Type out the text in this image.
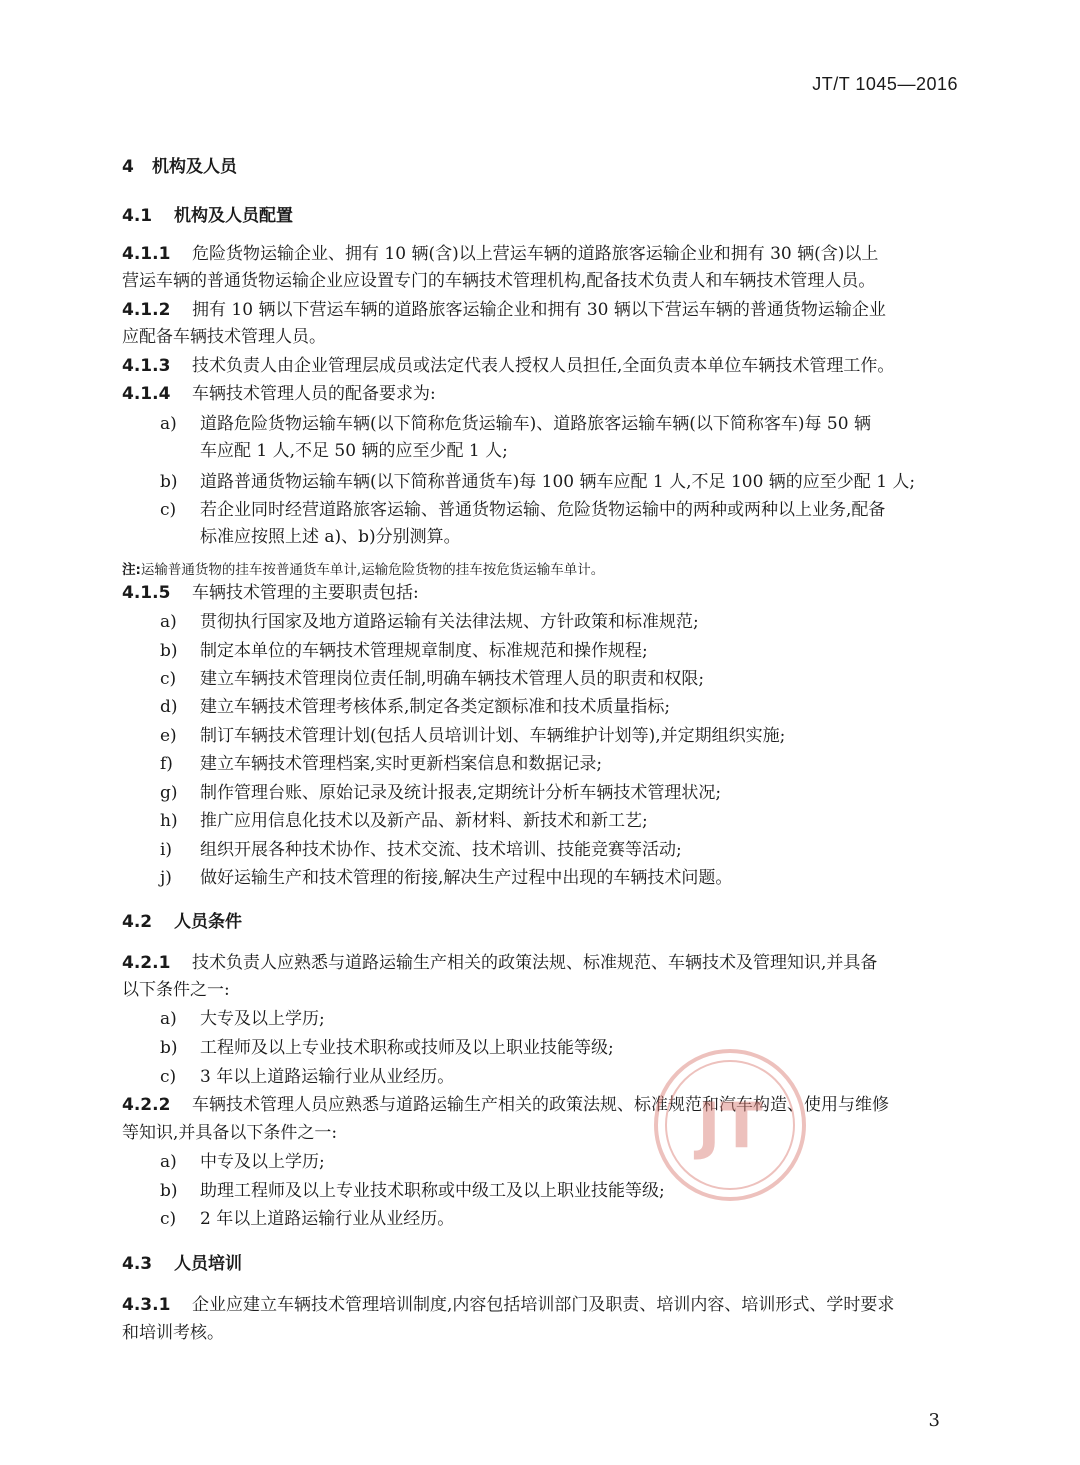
JT/T 1045—2016
4 机构及人员
4.1 机构及人员配置
4.1.1 危险货物运输企业、拥有 10 辆(含)以上营运车辆的道路旅客运输企业和拥有 30 辆(含)以上
营运车辆的普通货物运输企业应设置专门的车辆技术管理机构,配备技术负责人和车辆技术管理人员。
4.1.2 拥有 10 辆以下营运车辆的道路旅客运输企业和拥有 30 辆以下营运车辆的普通货物运输企业
应配备车辆技术管理人员。
4.1.3 技术负责人由企业管理层成员或法定代表人授权人员担任,全面负责本单位车辆技术管理工作。
4.1.4 车辆技术管理人员的配备要求为:
a) 道路危险货物运输车辆(以下简称危货运输车)、道路旅客运输车辆(以下简称客车)每 50 辆
车应配 1 人,不足 50 辆的应至少配 1 人;
b) 道路普通货物运输车辆(以下简称普通货车)每 100 辆车应配 1 人,不足 100 辆的应至少配 1 人;
c) 若企业同时经营道路旅客运输、普通货物运输、危险货物运输中的两种或两种以上业务,配备
标准应按照上述 a)、b)分别测算。
注:运输普通货物的挂车按普通货车单计,运输危险货物的挂车按危货运输车单计。
4.1.5 车辆技术管理的主要职责包括:
a) 贯彻执行国家及地方道路运输有关法律法规、方针政策和标准规范;
b) 制定本单位的车辆技术管理规章制度、标准规范和操作规程;
c) 建立车辆技术管理岗位责任制,明确车辆技术管理人员的职责和权限;
d) 建立车辆技术管理考核体系,制定各类定额标准和技术质量指标;
e) 制订车辆技术管理计划(包括人员培训计划、车辆维护计划等),并定期组织实施;
f) 建立车辆技术管理档案,实时更新档案信息和数据记录;
g) 制作管理台账、原始记录及统计报表,定期统计分析车辆技术管理状况;
h) 推广应用信息化技术以及新产品、新材料、新技术和新工艺;
i) 组织开展各种技术协作、技术交流、技术培训、技能竞赛等活动;
j) 做好运输生产和技术管理的衔接,解决生产过程中出现的车辆技术问题。
4.2 人员条件
4.2.1 技术负责人应熟悉与道路运输生产相关的政策法规、标准规范、车辆技术及管理知识,并具备
以下条件之一:
a) 大专及以上学历;
b) 工程师及以上专业技术职称或技师及以上职业技能等级;
c) 3 年以上道路运输行业从业经历。
4.2.2 车辆技术管理人员应熟悉与道路运输生产相关的政策法规、标准规范和汽车构造、使用与维修
等知识,并具备以下条件之一:
a) 中专及以上学历;
b) 助理工程师及以上专业技术职称或中级工及以上职业技能等级;
c) 2 年以上道路运输行业从业经历。
4.3 人员培训
4.3.1 企业应建立车辆技术管理培训制度,内容包括培训部门及职责、培训内容、培训形式、学时要求
和培训考核。
JT
3
